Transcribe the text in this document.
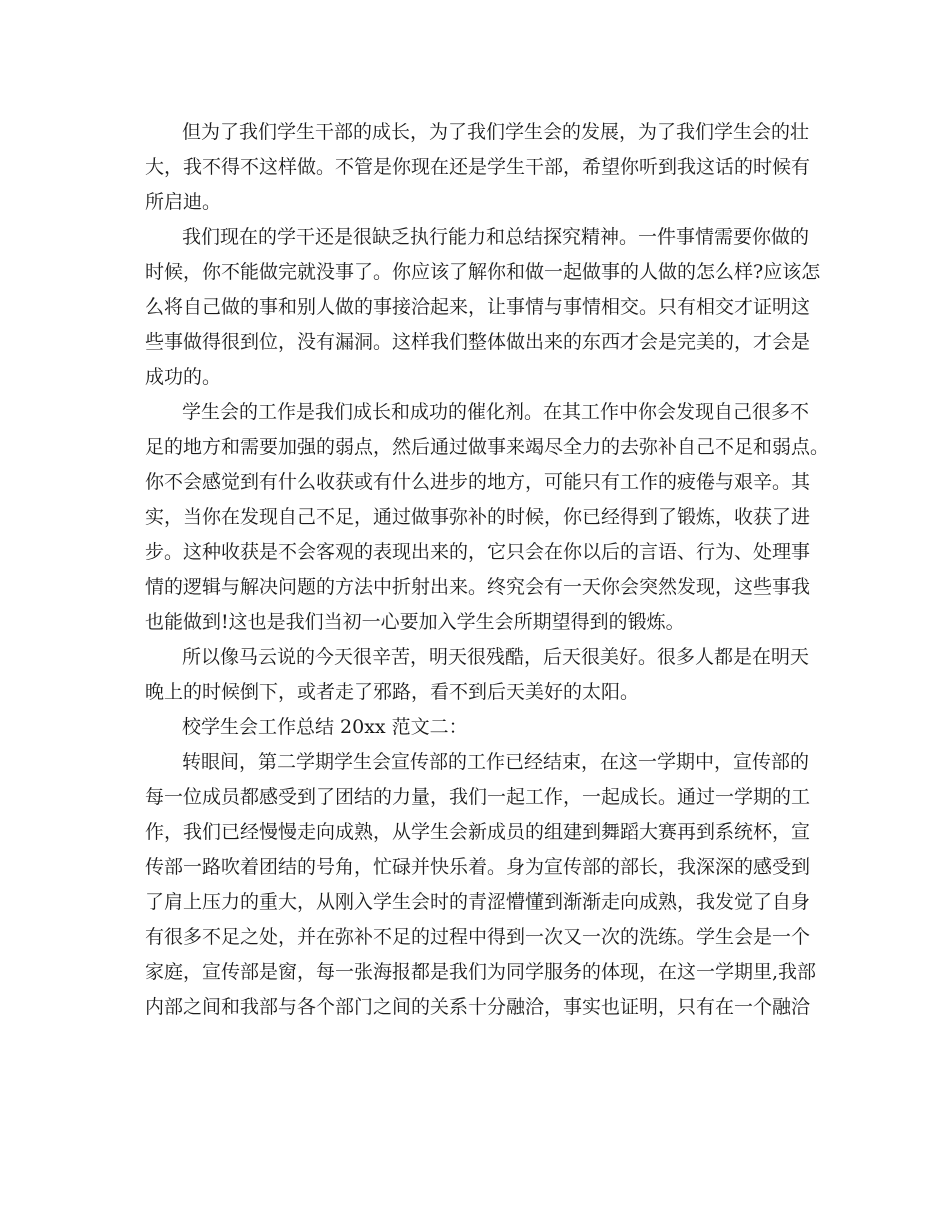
但为了我们学生干部的成长，为了我们学生会的发展，为了我们学生会的壮
大，我不得不这样做。不管是你现在还是学生干部，希望你听到我这话的时候有
所启迪。
我们现在的学干还是很缺乏执行能力和总结探究精神。一件事情需要你做的
时候，你不能做完就没事了。你应该了解你和做一起做事的人做的怎么样?应该怎
么将自己做的事和别人做的事接洽起来，让事情与事情相交。只有相交才证明这
些事做得很到位，没有漏洞。这样我们整体做出来的东西才会是完美的，才会是
成功的。
学生会的工作是我们成长和成功的催化剂。在其工作中你会发现自己很多不
足的地方和需要加强的弱点，然后通过做事来竭尽全力的去弥补自己不足和弱点。
你不会感觉到有什么收获或有什么进步的地方，可能只有工作的疲倦与艰辛。其
实，当你在发现自己不足，通过做事弥补的时候，你已经得到了锻炼，收获了进
步。这种收获是不会客观的表现出来的，它只会在你以后的言语、行为、处理事
情的逻辑与解决问题的方法中折射出来。终究会有一天你会突然发现，这些事我
也能做到!这也是我们当初一心要加入学生会所期望得到的锻炼。
所以像马云说的今天很辛苦，明天很残酷，后天很美好。很多人都是在明天
晚上的时候倒下，或者走了邪路，看不到后天美好的太阳。
校学生会工作总结 20xx 范文二：
转眼间，第二学期学生会宣传部的工作已经结束，在这一学期中，宣传部的
每一位成员都感受到了团结的力量，我们一起工作，一起成长。通过一学期的工
作，我们已经慢慢走向成熟，从学生会新成员的组建到舞蹈大赛再到系统杯，宣
传部一路吹着团结的号角，忙碌并快乐着。身为宣传部的部长，我深深的感受到
了肩上压力的重大，从刚入学生会时的青涩懵懂到渐渐走向成熟，我发觉了自身
有很多不足之处，并在弥补不足的过程中得到一次又一次的洗练。学生会是一个
家庭，宣传部是窗，每一张海报都是我们为同学服务的体现，在这一学期里,我部
内部之间和我部与各个部门之间的关系十分融洽，事实也证明，只有在一个融洽
